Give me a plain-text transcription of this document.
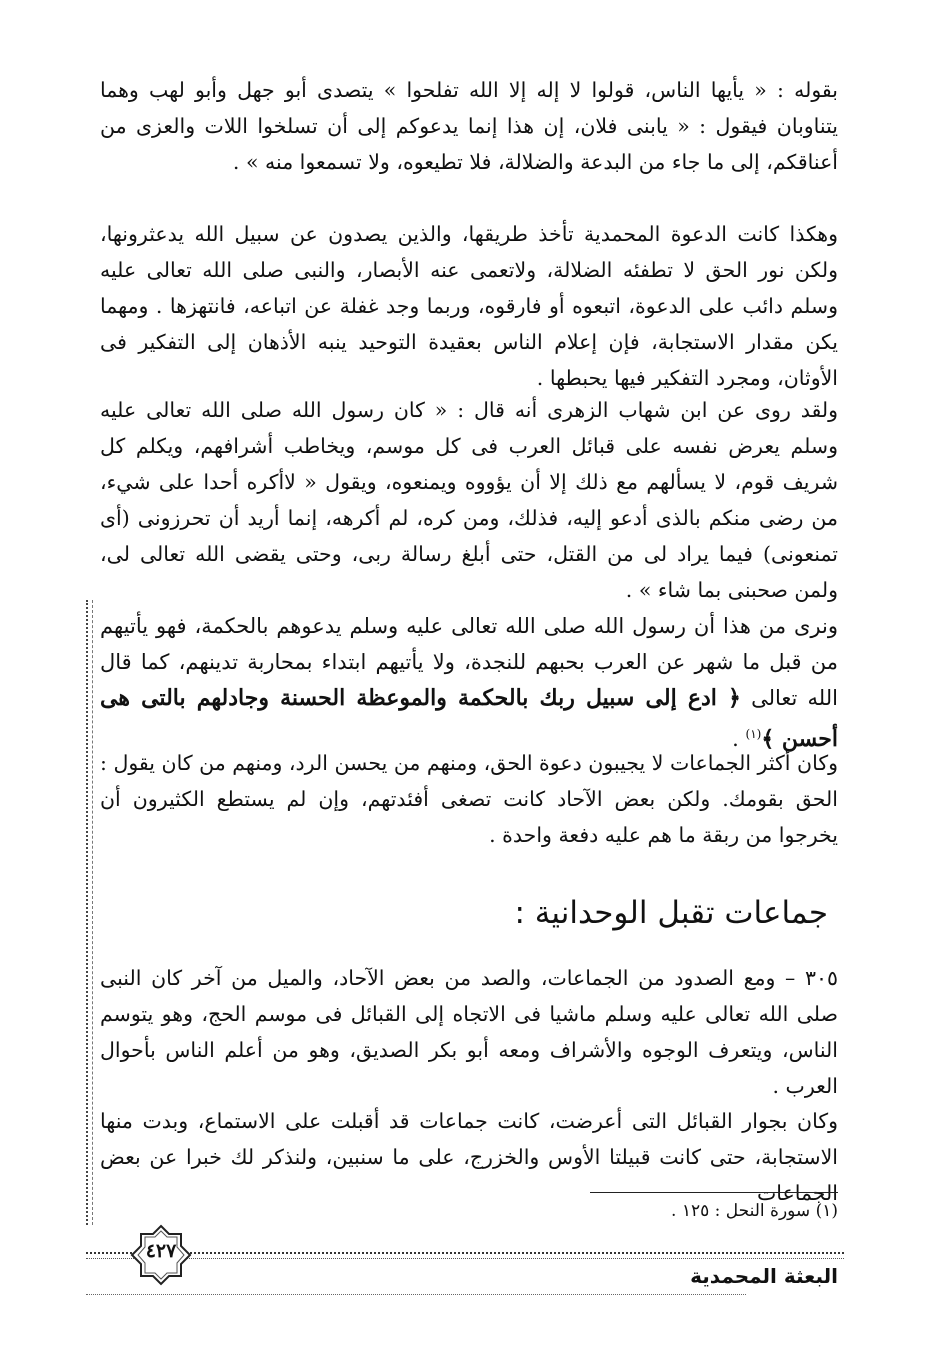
بقوله : « يأيها الناس، قولوا لا إله إلا الله تفلحوا » يتصدى أبو جهل وأبو لهب وهما يتناوبان فيقول : « يابنى فلان، إن هذا إنما يدعوكم إلى أن تسلخوا اللات والعزى من أعناقكم، إلى ما جاء من البدعة والضلالة، فلا تطيعوه، ولا تسمعوا منه » .

وهكذا كانت الدعوة المحمدية تأخذ طريقها، والذين يصدون عن سبيل الله يدعثرونها، ولكن نور الحق لا تطفئه الضلالة، ولاتعمى عنه الأبصار، والنبى صلى الله تعالى عليه وسلم دائب على الدعوة، اتبعوه أو فارقوه، وربما وجد غفلة عن اتباعه، فانتهزها . ومهما يكن مقدار الاستجابة، فإن إعلام الناس بعقيدة التوحيد ينبه الأذهان إلى التفكير فى الأوثان، ومجرد التفكير فيها يحبطها .

ولقد روى عن ابن شهاب الزهرى أنه قال : « كان رسول الله صلى الله تعالى عليه وسلم يعرض نفسه على قبائل العرب فى كل موسم، ويخاطب أشرافهم، ويكلم كل شريف قوم، لا يسألهم مع ذلك إلا أن يؤووه ويمنعوه، ويقول « لاأكره أحدا على شيء، من رضى منكم بالذى أدعو إليه، فذلك، ومن كره، لم أكرهه، إنما أريد أن تحرزونى (أى تمنعونى) فيما يراد لى من القتل، حتى أبلغ رسالة ربى، وحتى يقضى الله تعالى لى، ولمن صحبنى بما شاء » .

ونرى من هذا أن رسول الله صلى الله تعالى عليه وسلم يدعوهم بالحكمة، فهو يأتيهم من قبل ما شهر عن العرب بحبهم للنجدة، ولا يأتيهم ابتداء بمحاربة تدينهم، كما قال الله تعالى ﴿ ادع إلى سبيل ربك بالحكمة والموعظة الحسنة وجادلهم بالتى هى أحسن ﴾$^{(١)}$ .

وكان أكثر الجماعات لا يجيبون دعوة الحق، ومنهم من يحسن الرد، ومنهم من كان يقول : الحق بقومك. ولكن بعض الآحاد كانت تصغى أفئدتهم، وإن لم يستطع الكثيرون أن يخرجوا من ربقة ما هم عليه دفعة واحدة .

جماعات تقبل الوحدانية :

٣٠٥ – ومع الصدود من الجماعات، والصد من بعض الآحاد، والميل من آخر كان النبى صلى الله تعالى عليه وسلم ماشيا فى الاتجاه إلى القبائل فى موسم الحج، وهو يتوسم الناس، ويتعرف الوجوه والأشراف ومعه أبو بكر الصديق، وهو من أعلم الناس بأحوال العرب .

وكان بجوار القبائل التى أعرضت، كانت جماعات قد أقبلت على الاستماع، وبدت منها الاستجابة، حتى كانت قبيلتا الأوس والخزرج، على ما سنبين، ولنذكر لك خبرا عن بعض الجماعات

(١) سورة النحل : ١٢٥ .
٤٢٧
البعثة المحمدية
